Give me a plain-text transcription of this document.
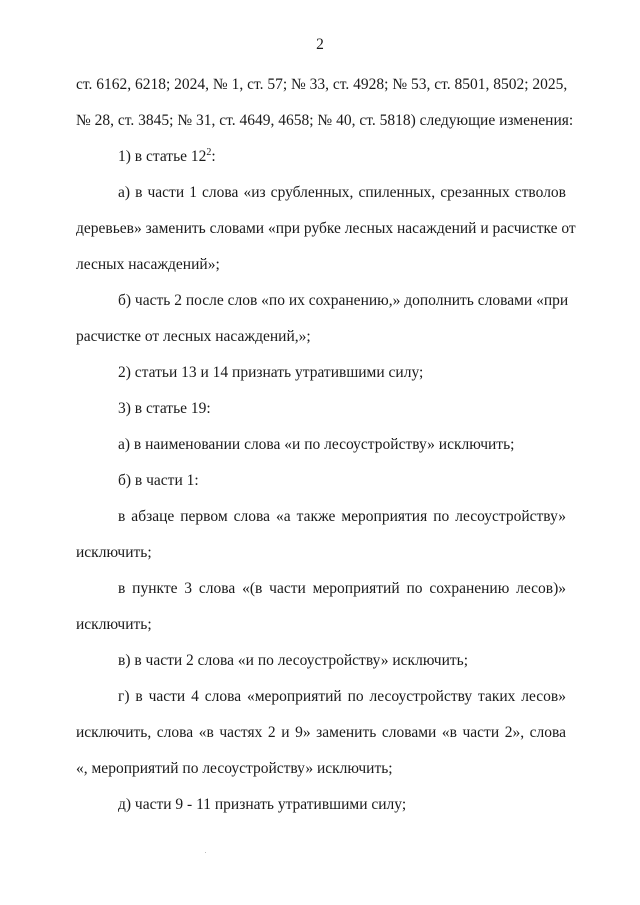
2
ст. 6162, 6218; 2024, № 1, ст. 57; № 33, ст. 4928; № 53, ст. 8501, 8502; 2025,
№ 28, ст. 3845; № 31, ст. 4649, 4658; № 40, ст. 5818) следующие изменения:
1) в статье $12^2$:
а) в части 1 слова «из срубленных, спиленных, срезанных стволов
деревьев» заменить словами «при рубке лесных насаждений и расчистке от
лесных насаждений»;
б) часть 2 после слов «по их сохранению,» дополнить словами «при
расчистке от лесных насаждений,»;
2) статьи 13 и 14 признать утратившими силу;
3) в статье 19:
а) в наименовании слова «и по лесоустройству» исключить;
б) в части 1:
в абзаце первом слова «а также мероприятия по лесоустройству»
исключить;
в пункте 3 слова «(в части мероприятий по сохранению лесов)»
исключить;
в) в части 2 слова «и по лесоустройству» исключить;
г) в части 4 слова «мероприятий по лесоустройству таких лесов»
исключить, слова «в частях 2 и 9» заменить словами «в части 2», слова
«, мероприятий по лесоустройству» исключить;
д) части 9 - 11 признать утратившими силу;
